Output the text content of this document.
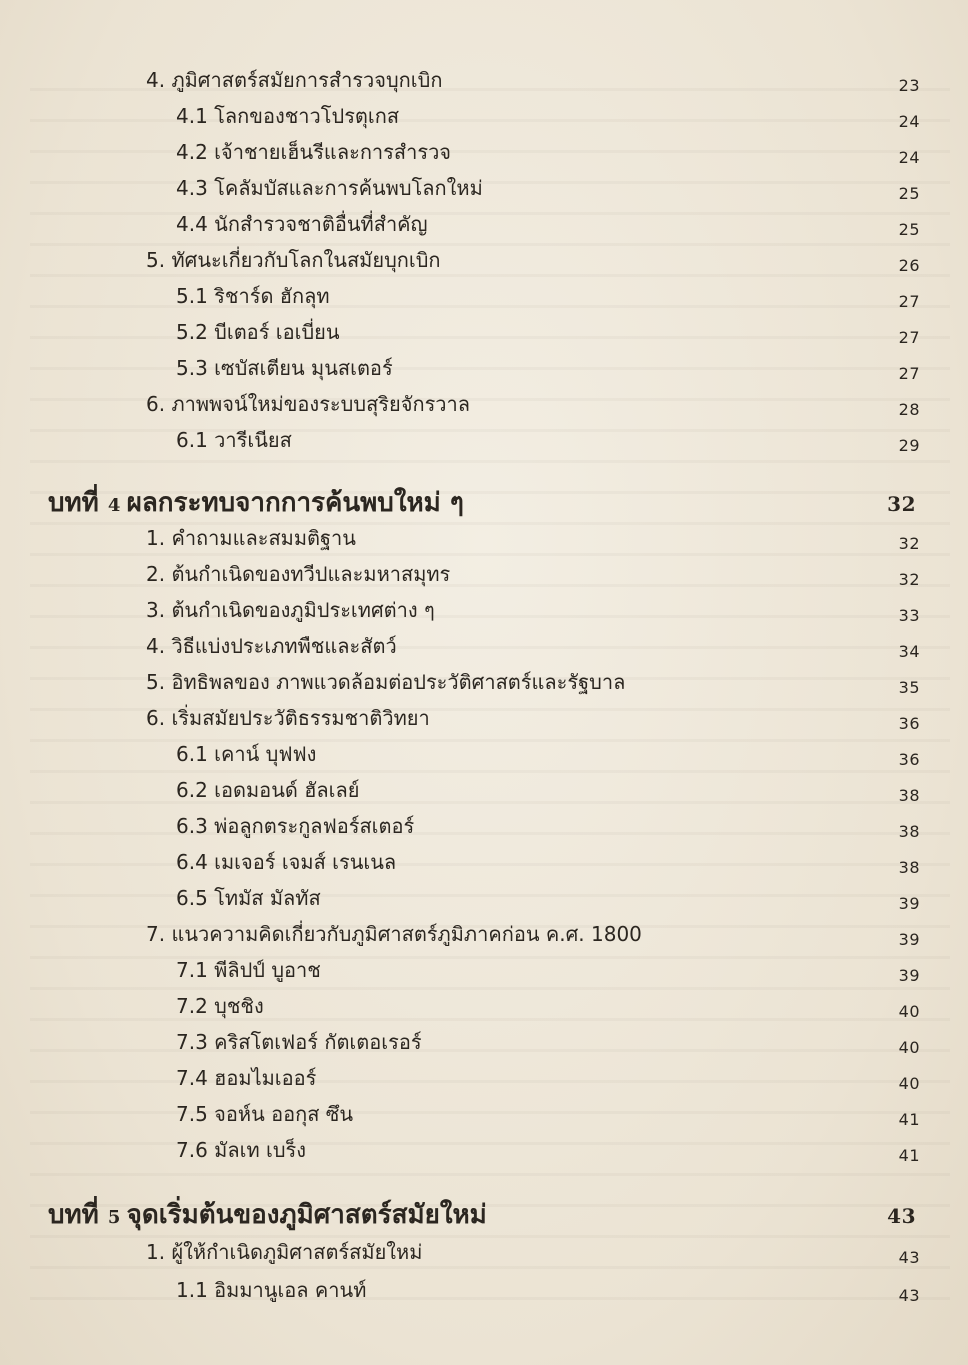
4. ภูมิศาสตร์สมัยการสำรวจบุกเบิก	23
4.1 โลกของชาวโปรตุเกส	24
4.2 เจ้าชายเฮ็นรีและการสำรวจ	24
4.3 โคลัมบัสและการค้นพบโลกใหม่	25
4.4 นักสำรวจชาติอื่นที่สำคัญ	25
5. ทัศนะเกี่ยวกับโลกในสมัยบุกเบิก	26
5.1 ริชาร์ด ฮักลุท	27
5.2 บีเตอร์ เอเบี่ยน	27
5.3 เซบัสเตียน มุนสเตอร์	27
6. ภาพพจน์ใหม่ของระบบสุริยจักรวาล	28
6.1 วารีเนียส	29
บทที่ 4 ผลกระทบจากการค้นพบใหม่ ๆ	32
1. คำถามและสมมติฐาน	32
2. ต้นกำเนิดของทวีปและมหาสมุทร	32
3. ต้นกำเนิดของภูมิประเทศต่าง ๆ	33
4. วิธีแบ่งประเภทพืชและสัตว์	34
5. อิทธิพลของ ภาพแวดล้อมต่อประวัติศาสตร์และรัฐบาล	35
6. เริ่มสมัยประวัติธรรมชาติวิทยา	36
6.1 เคาน์ บุฟฟง	36
6.2 เอดมอนด์ ฮัลเลย์	38
6.3 พ่อลูกตระกูลฟอร์สเตอร์	38
6.4 เมเจอร์ เจมส์ เรนเนล	38
6.5 โทมัส มัลทัส	39
7. แนวความคิดเกี่ยวกับภูมิศาสตร์ภูมิภาคก่อน ค.ศ. 1800	39
7.1 พีลิปป์ บูอาช	39
7.2 บุชชิง	40
7.3 คริสโตเฟอร์ กัตเตอเรอร์	40
7.4 ฮอมไมเออร์	40
7.5 จอห์น ออกุส ซึน	41
7.6 มัลเท เบร็ง	41
บทที่ 5 จุดเริ่มต้นของภูมิศาสตร์สมัยใหม่	43
1. ผู้ให้กำเนิดภูมิศาสตร์สมัยใหม่	43
1.1 อิมมานูเอล คานท์	43
